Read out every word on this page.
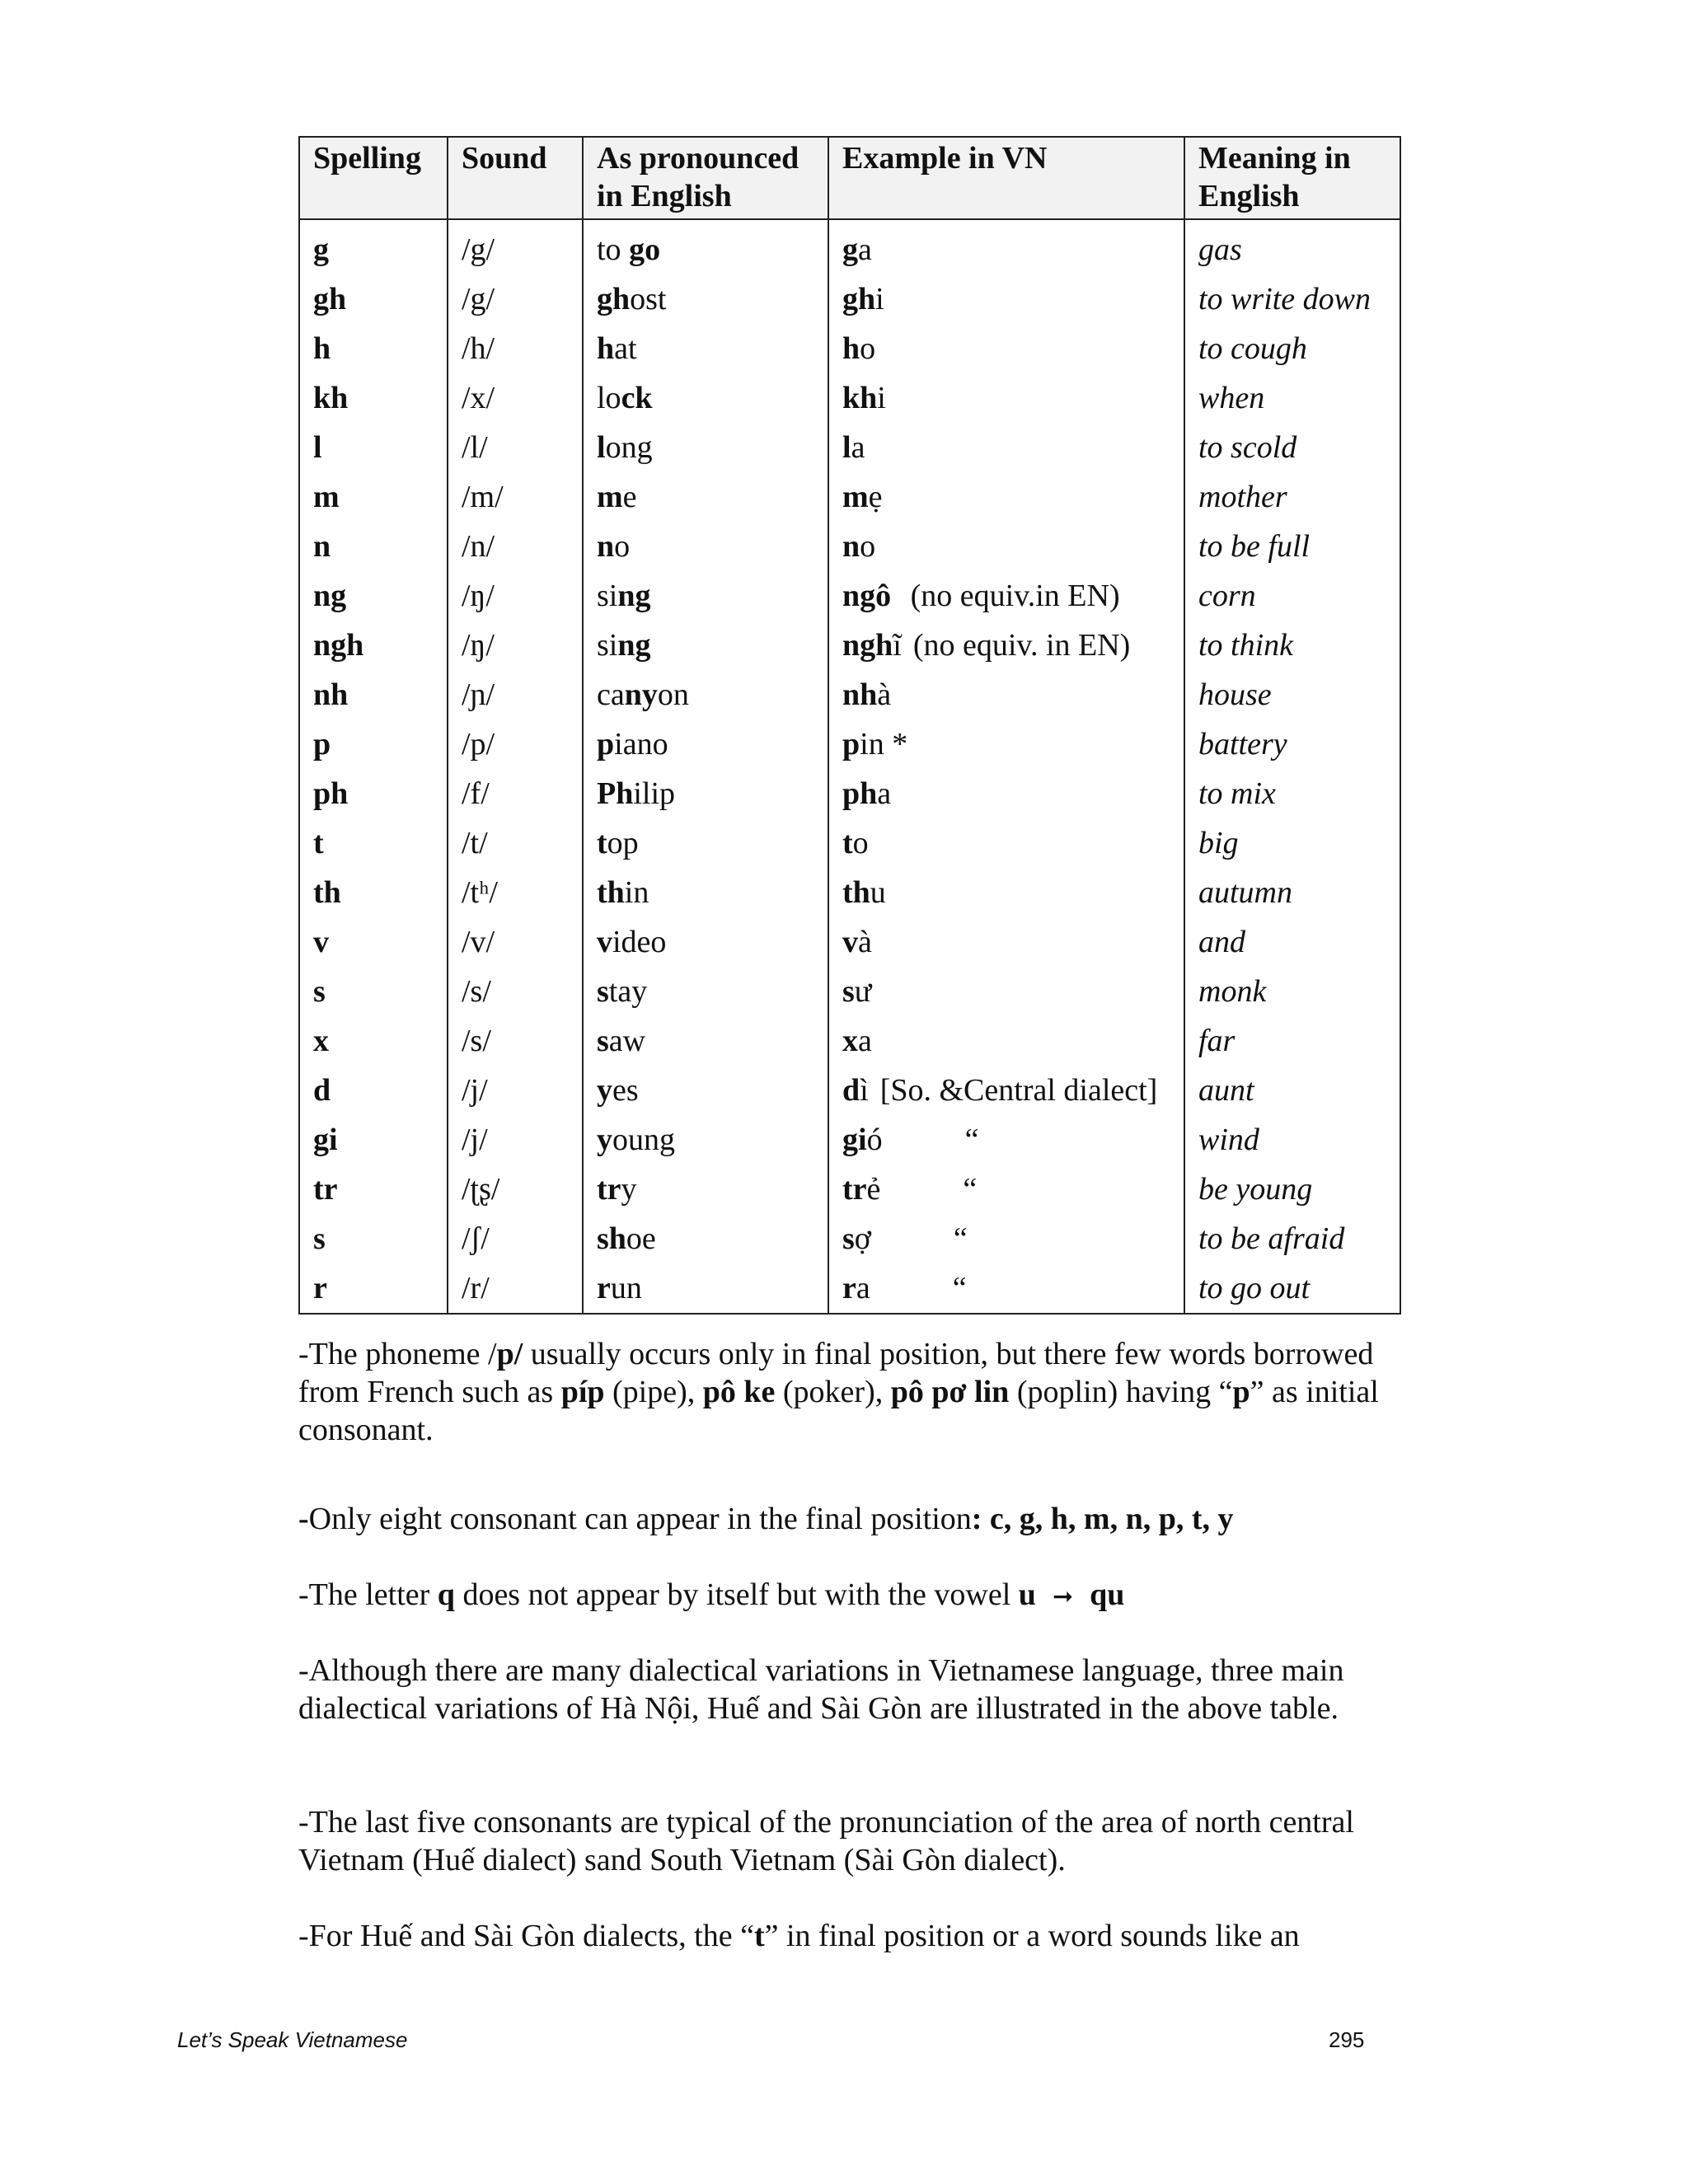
Spelling	Sound	As pronounced in English	Example in VN	Meaning in English
g	/g/	to go	ga	gas
gh	/g/	ghost	ghi	to write down
h	/h/	hat	ho	to cough
kh	/x/	lock	khi	when
l	/l/	long	la	to scold
m	/m/	me	mẹ	mother
n	/n/	no	no	to be full
ng	/ŋ/	sing	ngô (no equiv.in EN)	corn
ngh	/ŋ/	sing	nghĩ (no equiv. in EN)	to think
nh	/ɲ/	canyon	nhà	house
p	/p/	piano	pin *	battery
ph	/f/	Philip	pha	to mix
t	/t/	top	to	big
th	/tʰ/	thin	thu	autumn
v	/v/	video	và	and
s	/s/	stay	sư	monk
x	/s/	saw	xa	far
d	/j/	yes	dì [So. &Central dialect]	aunt
gi	/j/	young	gió “	wind
tr	/ʈʂ/	try	trẻ “	be young
s	/ʃ/	shoe	sợ “	to be afraid
r	/r/	run	ra “	to go out

-The phoneme /p/ usually occurs only in final position, but there few words borrowed from French such as píp (pipe), pô ke (poker), pô pơ lin (poplin) having “p” as initial consonant.

-Only eight consonant can appear in the final position: c, g, h, m, n, p, t, y

-The letter q does not appear by itself but with the vowel u ➞ qu

-Although there are many dialectical variations in Vietnamese language, three main dialectical variations of Hà Nội, Huế and Sài Gòn are illustrated in the above table.

-The last five consonants are typical of the pronunciation of the area of north central Vietnam (Huế dialect) sand South Vietnam (Sài Gòn dialect).

-For Huế and Sài Gòn dialects, the “t” in final position or a word sounds like an

Let’s Speak Vietnamese	295
